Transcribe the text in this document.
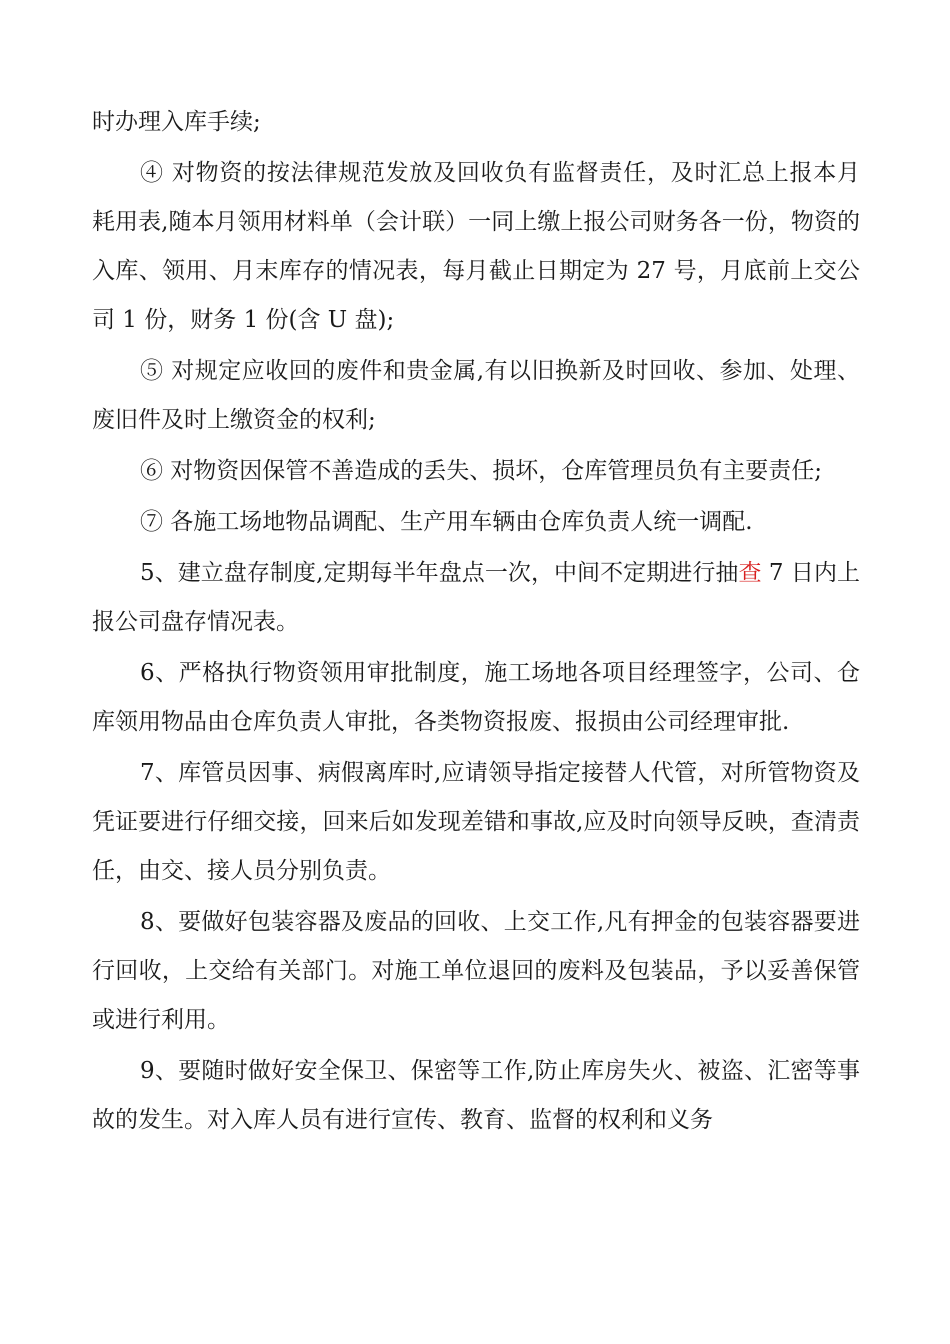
时办理入库手续;

④ 对物资的按法律规范发放及回收负有监督责任，及时汇总上报本月耗用表,随本月领用材料单（会计联）一同上缴上报公司财务各一份，物资的入库、领用、月末库存的情况表，每月截止日期定为 27 号，月底前上交公司 1 份，财务 1 份(含 U 盘);

⑤ 对规定应收回的废件和贵金属,有以旧换新及时回收、参加、处理、废旧件及时上缴资金的权利;

⑥ 对物资因保管不善造成的丢失、损坏，仓库管理员负有主要责任;

⑦ 各施工场地物品调配、生产用车辆由仓库负责人统一调配.

5、建立盘存制度,定期每半年盘点一次，中间不定期进行抽查 7 日内上报公司盘存情况表。

6、严格执行物资领用审批制度，施工场地各项目经理签字，公司、仓库领用物品由仓库负责人审批，各类物资报废、报损由公司经理审批.

7、库管员因事、病假离库时,应请领导指定接替人代管，对所管物资及凭证要进行仔细交接，回来后如发现差错和事故,应及时向领导反映，查清责任，由交、接人员分别负责。

8、要做好包装容器及废品的回收、上交工作,凡有押金的包装容器要进行回收，上交给有关部门。对施工单位退回的废料及包装品，予以妥善保管或进行利用。

9、要随时做好安全保卫、保密等工作,防止库房失火、被盗、汇密等事故的发生。对入库人员有进行宣传、教育、监督的权利和义务
